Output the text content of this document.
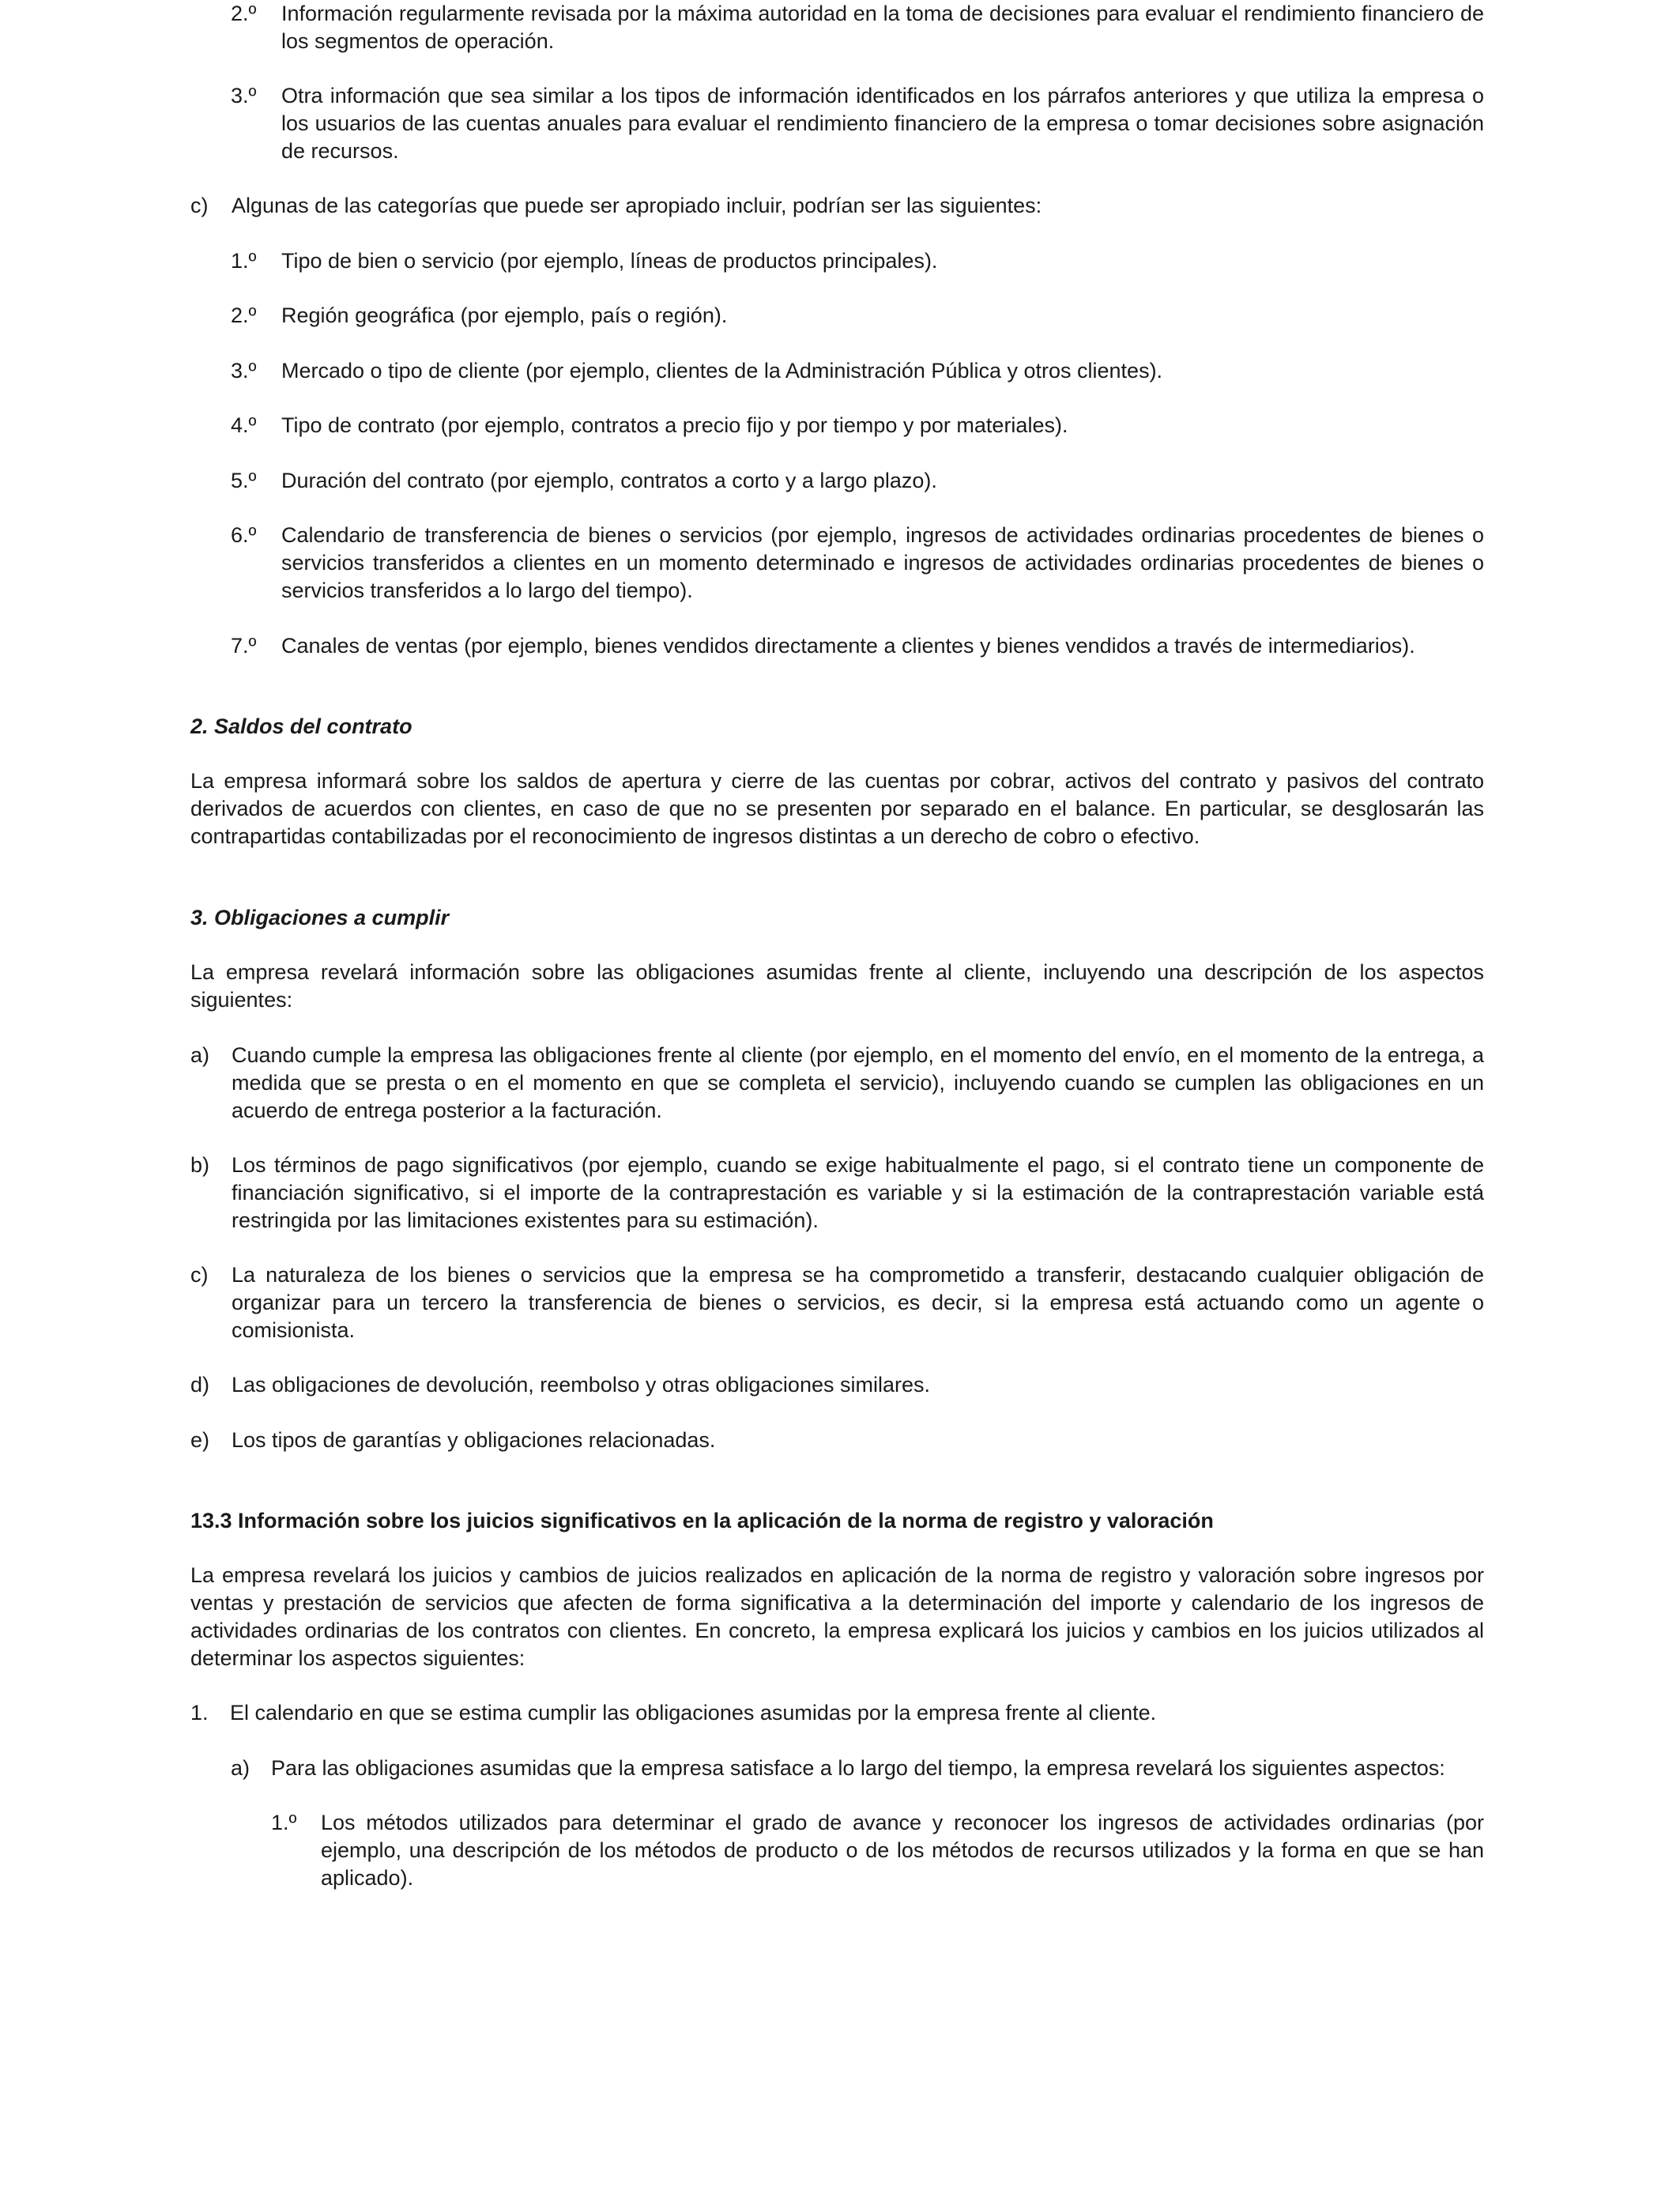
2.º Información regularmente revisada por la máxima autoridad en la toma de decisiones para evaluar el rendimiento financiero de los segmentos de operación.
3.º Otra información que sea similar a los tipos de información identificados en los párrafos anteriores y que utiliza la empresa o los usuarios de las cuentas anuales para evaluar el rendimiento financiero de la empresa o tomar decisiones sobre asignación de recursos.
c) Algunas de las categorías que puede ser apropiado incluir, podrían ser las siguientes:
1.º Tipo de bien o servicio (por ejemplo, líneas de productos principales).
2.º Región geográfica (por ejemplo, país o región).
3.º Mercado o tipo de cliente (por ejemplo, clientes de la Administración Pública y otros clientes).
4.º Tipo de contrato (por ejemplo, contratos a precio fijo y por tiempo y por materiales).
5.º Duración del contrato (por ejemplo, contratos a corto y a largo plazo).
6.º Calendario de transferencia de bienes o servicios (por ejemplo, ingresos de actividades ordinarias procedentes de bienes o servicios transferidos a clientes en un momento determinado e ingresos de actividades ordinarias procedentes de bienes o servicios transferidos a lo largo del tiempo).
7.º Canales de ventas (por ejemplo, bienes vendidos directamente a clientes y bienes vendidos a través de intermediarios).
2. Saldos del contrato
La empresa informará sobre los saldos de apertura y cierre de las cuentas por cobrar, activos del contrato y pasivos del contrato derivados de acuerdos con clientes, en caso de que no se presenten por separado en el balance. En particular, se desglosarán las contrapartidas contabilizadas por el reconocimiento de ingresos distintas a un derecho de cobro o efectivo.
3. Obligaciones a cumplir
La empresa revelará información sobre las obligaciones asumidas frente al cliente, incluyendo una descripción de los aspectos siguientes:
a) Cuando cumple la empresa las obligaciones frente al cliente (por ejemplo, en el momento del envío, en el momento de la entrega, a medida que se presta o en el momento en que se completa el servicio), incluyendo cuando se cumplen las obligaciones en un acuerdo de entrega posterior a la facturación.
b) Los términos de pago significativos (por ejemplo, cuando se exige habitualmente el pago, si el contrato tiene un componente de financiación significativo, si el importe de la contraprestación es variable y si la estimación de la contraprestación variable está restringida por las limitaciones existentes para su estimación).
c) La naturaleza de los bienes o servicios que la empresa se ha comprometido a transferir, destacando cualquier obligación de organizar para un tercero la transferencia de bienes o servicios, es decir, si la empresa está actuando como un agente o comisionista.
d) Las obligaciones de devolución, reembolso y otras obligaciones similares.
e) Los tipos de garantías y obligaciones relacionadas.
13.3 Información sobre los juicios significativos en la aplicación de la norma de registro y valoración
La empresa revelará los juicios y cambios de juicios realizados en aplicación de la norma de registro y valoración sobre ingresos por ventas y prestación de servicios que afecten de forma significativa a la determinación del importe y calendario de los ingresos de actividades ordinarias de los contratos con clientes. En concreto, la empresa explicará los juicios y cambios en los juicios utilizados al determinar los aspectos siguientes:
1. El calendario en que se estima cumplir las obligaciones asumidas por la empresa frente al cliente.
a) Para las obligaciones asumidas que la empresa satisface a lo largo del tiempo, la empresa revelará los siguientes aspectos:
1.º Los métodos utilizados para determinar el grado de avance y reconocer los ingresos de actividades ordinarias (por ejemplo, una descripción de los métodos de producto o de los métodos de recursos utilizados y la forma en que se han aplicado).
